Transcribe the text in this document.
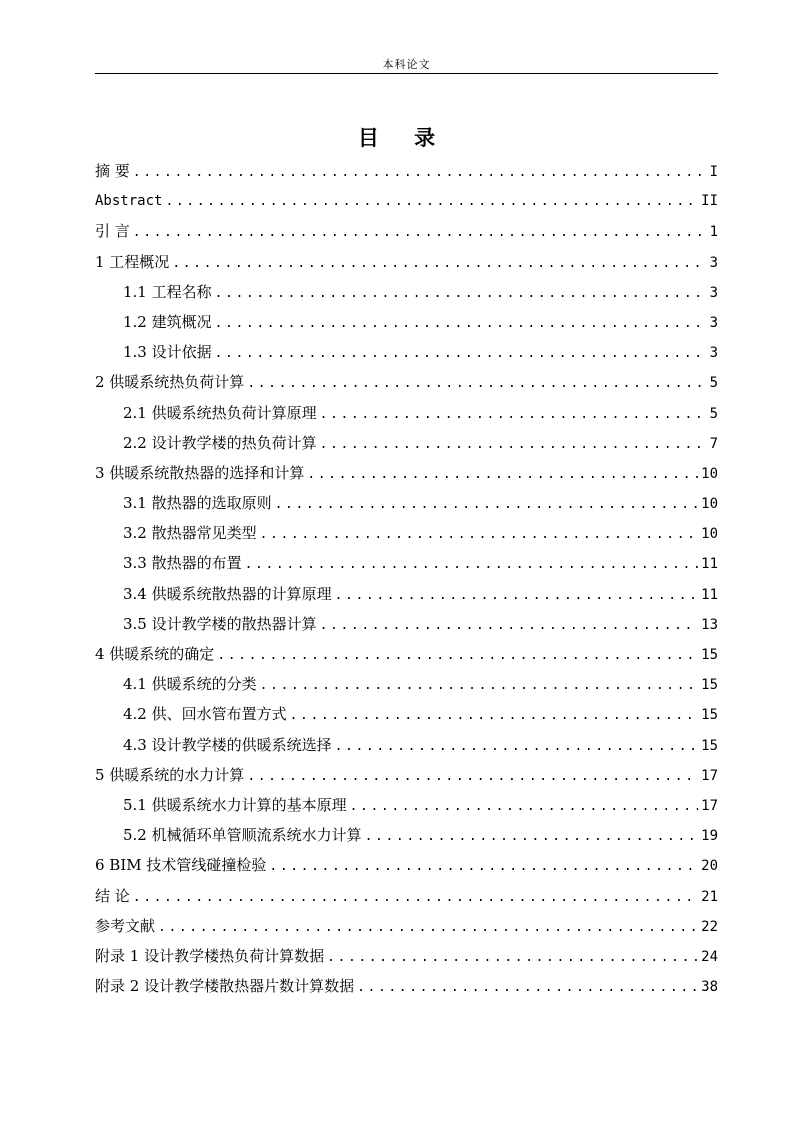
本科论文
目 录
摘 要 .....	I
Abstract .....	II
引 言 .....	1
1 工程概况 .....	3
1.1 工程名称 .....	3
1.2 建筑概况 .....	3
1.3 设计依据 .....	3
2 供暖系统热负荷计算 .....	5
2.1 供暖系统热负荷计算原理 .....	5
2.2 设计教学楼的热负荷计算 .....	7
3 供暖系统散热器的选择和计算 .....	10
3.1 散热器的选取原则 .....	10
3.2 散热器常见类型 .....	10
3.3 散热器的布置 .....	11
3.4 供暖系统散热器的计算原理 .....	11
3.5 设计教学楼的散热器计算 .....	13
4 供暖系统的确定 .....	15
4.1 供暖系统的分类 .....	15
4.2 供、回水管布置方式 .....	15
4.3 设计教学楼的供暖系统选择 .....	15
5 供暖系统的水力计算 .....	17
5.1 供暖系统水力计算的基本原理 .....	17
5.2 机械循环单管顺流系统水力计算 .....	19
6 BIM 技术管线碰撞检验 .....	20
结 论 .....	21
参考文献 .....	22
附录 1 设计教学楼热负荷计算数据 .....	24
附录 2 设计教学楼散热器片数计算数据 .....	38
